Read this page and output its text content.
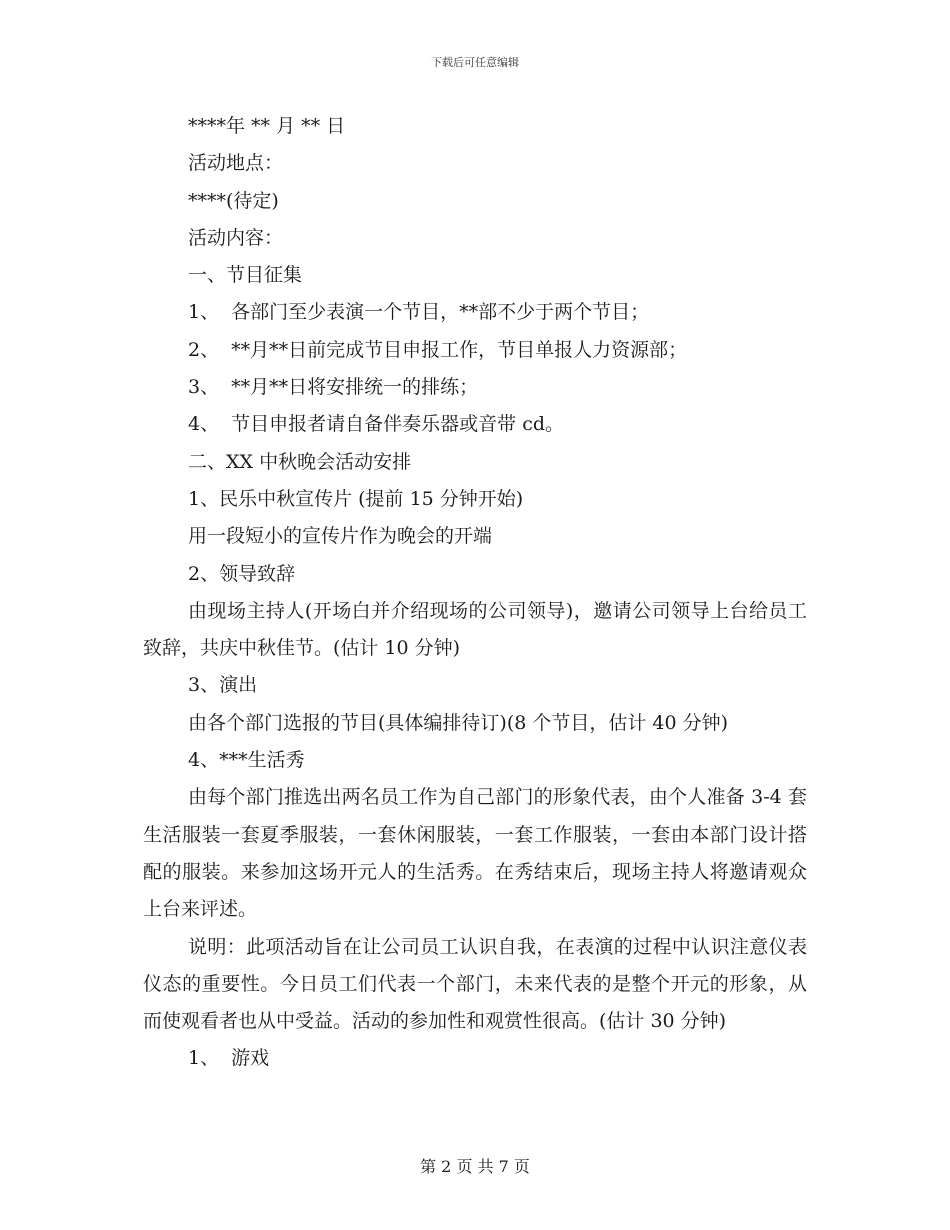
下载后可任意编辑
****年 ** 月 ** 日
活动地点：
****(待定)
活动内容：
一、节目征集
1、  各部门至少表演一个节目，**部不少于两个节目；
2、  **月**日前完成节目申报工作，节目单报人力资源部；
3、  **月**日将安排统一的排练；
4、  节目申报者请自备伴奏乐器或音带 cd。
二、XX 中秋晚会活动安排
1、民乐中秋宣传片 (提前 15 分钟开始)
用一段短小的宣传片作为晚会的开端
2、领导致辞

由现场主持人(开场白并介绍现场的公司领导)，邀请公司领导上台给员工致辞，共庆中秋佳节。(估计 10 分钟)

3、演出
由各个部门选报的节目(具体编排待订)(8 个节目，估计 40 分钟)
4、***生活秀

由每个部门推选出两名员工作为自己部门的形象代表，由个人准备 3-4 套生活服装一套夏季服装，一套休闲服装，一套工作服装，一套由本部门设计搭配的服装。来参加这场开元人的生活秀。在秀结束后，现场主持人将邀请观众上台来评述。

说明：此项活动旨在让公司员工认识自我，在表演的过程中认识注意仪表仪态的重要性。今日员工们代表一个部门，未来代表的是整个开元的形象，从而使观看者也从中受益。活动的参加性和观赏性很高。(估计 30 分钟)

1、  游戏
第 2 页 共 7 页
